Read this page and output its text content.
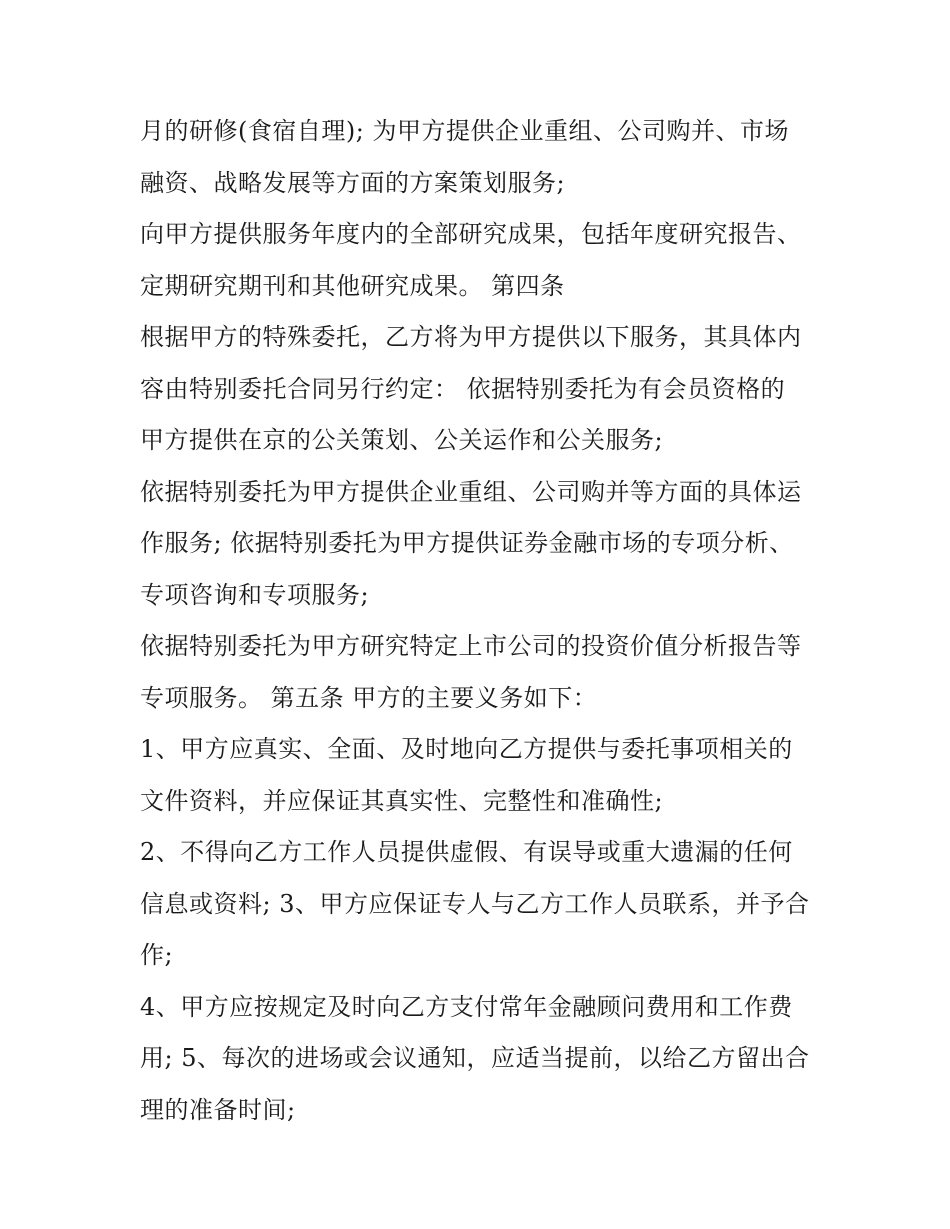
月的研修(食宿自理); 为甲方提供企业重组、公司购并、市场
融资、战略发展等方面的方案策划服务;
向甲方提供服务年度内的全部研究成果，包括年度研究报告、
定期研究期刊和其他研究成果。 第四条
根据甲方的特殊委托，乙方将为甲方提供以下服务，其具体内
容由特别委托合同另行约定： 依据特别委托为有会员资格的
甲方提供在京的公关策划、公关运作和公关服务;
依据特别委托为甲方提供企业重组、公司购并等方面的具体运
作服务; 依据特别委托为甲方提供证券金融市场的专项分析、
专项咨询和专项服务;
依据特别委托为甲方研究特定上市公司的投资价值分析报告等
专项服务。 第五条 甲方的主要义务如下：
1、甲方应真实、全面、及时地向乙方提供与委托事项相关的
文件资料，并应保证其真实性、完整性和准确性;
2、不得向乙方工作人员提供虚假、有误导或重大遗漏的任何
信息或资料; 3、甲方应保证专人与乙方工作人员联系，并予合
作;
4、甲方应按规定及时向乙方支付常年金融顾问费用和工作费
用; 5、每次的进场或会议通知，应适当提前，以给乙方留出合
理的准备时间;
